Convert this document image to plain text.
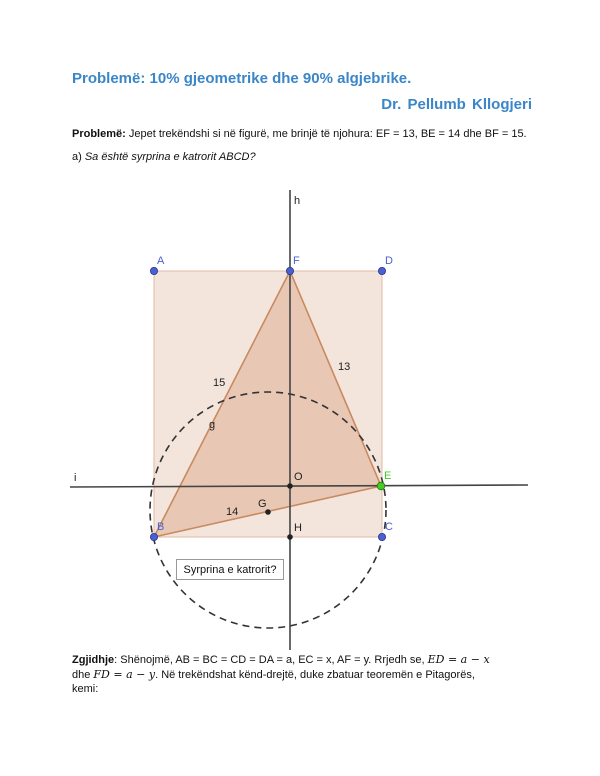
Problemë: 10% gjeometrike dhe 90% algjebrike.
Dr. Pellumb Kllogjeri
Problemë: Jepet trekëndshi si në figurë, me brinjë të njohura: EF = 13, BE = 14 dhe BF = 15. a) Sa është syrprina e katrorit ABCD?
h
i
A	F	D
B	C
E
O
H
G
15
13
14
g
Syrprina e katrorit?
Zgjidhje: Shënojmë, AB = BC = CD = DA = a, EC = x, AF = y. Rrjedh se, ED = a − x
dhe FD = a − y. Në trekëndshat kënd-drejtë, duke zbatuar teoremën e Pitagorës,
kemi:
